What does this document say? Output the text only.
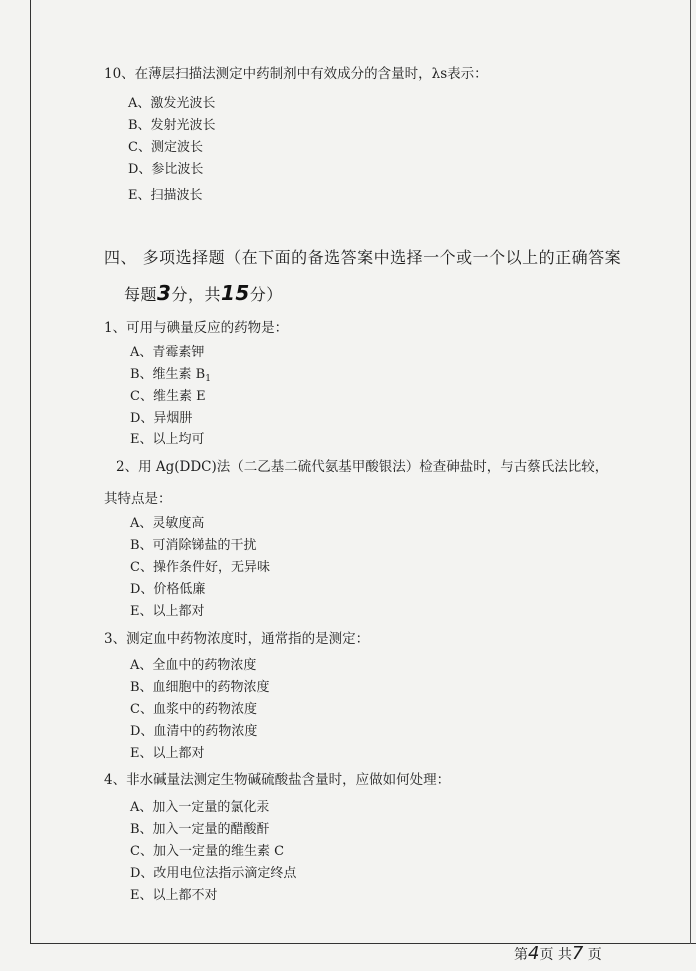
10、在薄层扫描法测定中药制剂中有效成分的含量时，λs表示：
A、激发光波长
B、发射光波长
C、测定波长
D、参比波长
E、扫描波长
四、 多项选择题（在下面的备选答案中选择一个或一个以上的正确答案
每题3分，共15分）
1、可用与碘量反应的药物是：
A、青霉素钾
B、维生素 $B_1$
C、维生素 E
D、异烟肼
E、以上均可
2、用 Ag(DDC)法（二乙基二硫代氨基甲酸银法）检查砷盐时，与古蔡氏法比较，
其特点是：
A、灵敏度高
B、可消除锑盐的干扰
C、操作条件好，无异味
D、价格低廉
E、以上都对
3、测定血中药物浓度时，通常指的是测定：
A、全血中的药物浓度
B、血细胞中的药物浓度
C、血浆中的药物浓度
D、血清中的药物浓度
E、以上都对
4、非水碱量法测定生物碱硫酸盐含量时，应做如何处理：
A、加入一定量的氯化汞
B、加入一定量的醋酸酐
C、加入一定量的维生素 C
D、改用电位法指示滴定终点
E、以上都不对
第4页 共7 页
